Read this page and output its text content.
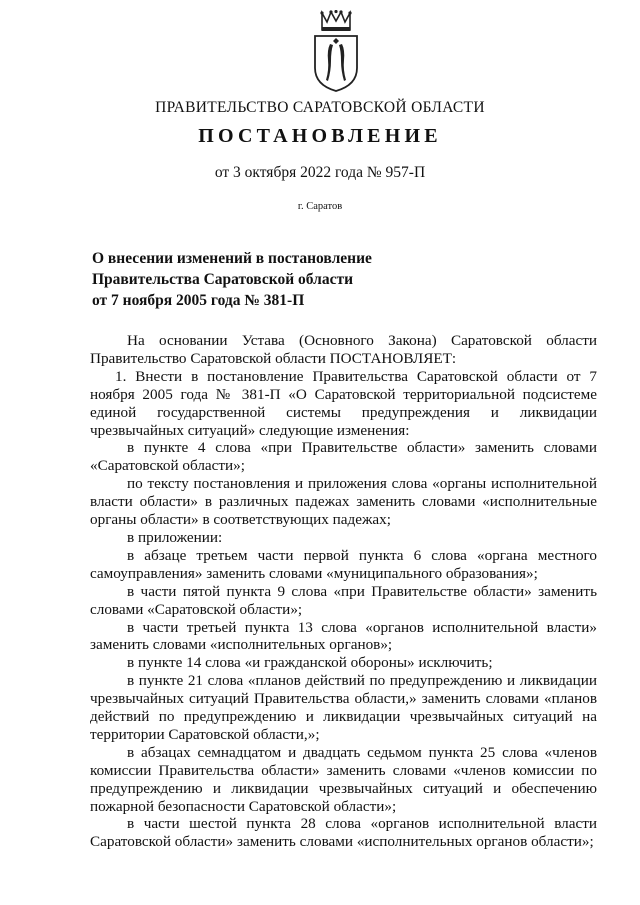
ПРАВИТЕЛЬСТВО САРАТОВСКОЙ ОБЛАСТИ
ПОСТАНОВЛЕНИЕ
от 3 октября 2022 года № 957-П
г. Саратов
О внесении изменений в постановление
Правительства Саратовской области
от 7 ноября 2005 года № 381-П

На основании Устава (Основного Закона) Саратовской области Правительство Саратовской области ПОСТАНОВЛЯЕТ:

1. Внести в постановление Правительства Саратовской области от 7 ноября 2005 года № 381-П «О Саратовской территориальной подсистеме единой государственной системы предупреждения и ликвидации чрезвычайных ситуаций» следующие изменения:

в пункте 4 слова «при Правительстве области» заменить словами «Саратовской области»;

по тексту постановления и приложения слова «органы исполнительной власти области» в различных падежах заменить словами «исполнительные органы области» в соответствующих падежах;

в приложении:

в абзаце третьем части первой пункта 6 слова «органа местного самоуправления» заменить словами «муниципального образования»;

в части пятой пункта 9 слова «при Правительстве области» заменить словами «Саратовской области»;

в части третьей пункта 13 слова «органов исполнительной власти» заменить словами «исполнительных органов»;

в пункте 14 слова «и гражданской обороны» исключить;

в пункте 21 слова «планов действий по предупреждению и ликвидации чрезвычайных ситуаций Правительства области,» заменить словами «планов действий по предупреждению и ликвидации чрезвычайных ситуаций на территории Саратовской области,»;

в абзацах семнадцатом и двадцать седьмом пункта 25 слова «членов комиссии Правительства области» заменить словами «членов комиссии по предупреждению и ликвидации чрезвычайных ситуаций и обеспечению пожарной безопасности Саратовской области»;

в части шестой пункта 28 слова «органов исполнительной власти Саратовской области» заменить словами «исполнительных органов области»;
